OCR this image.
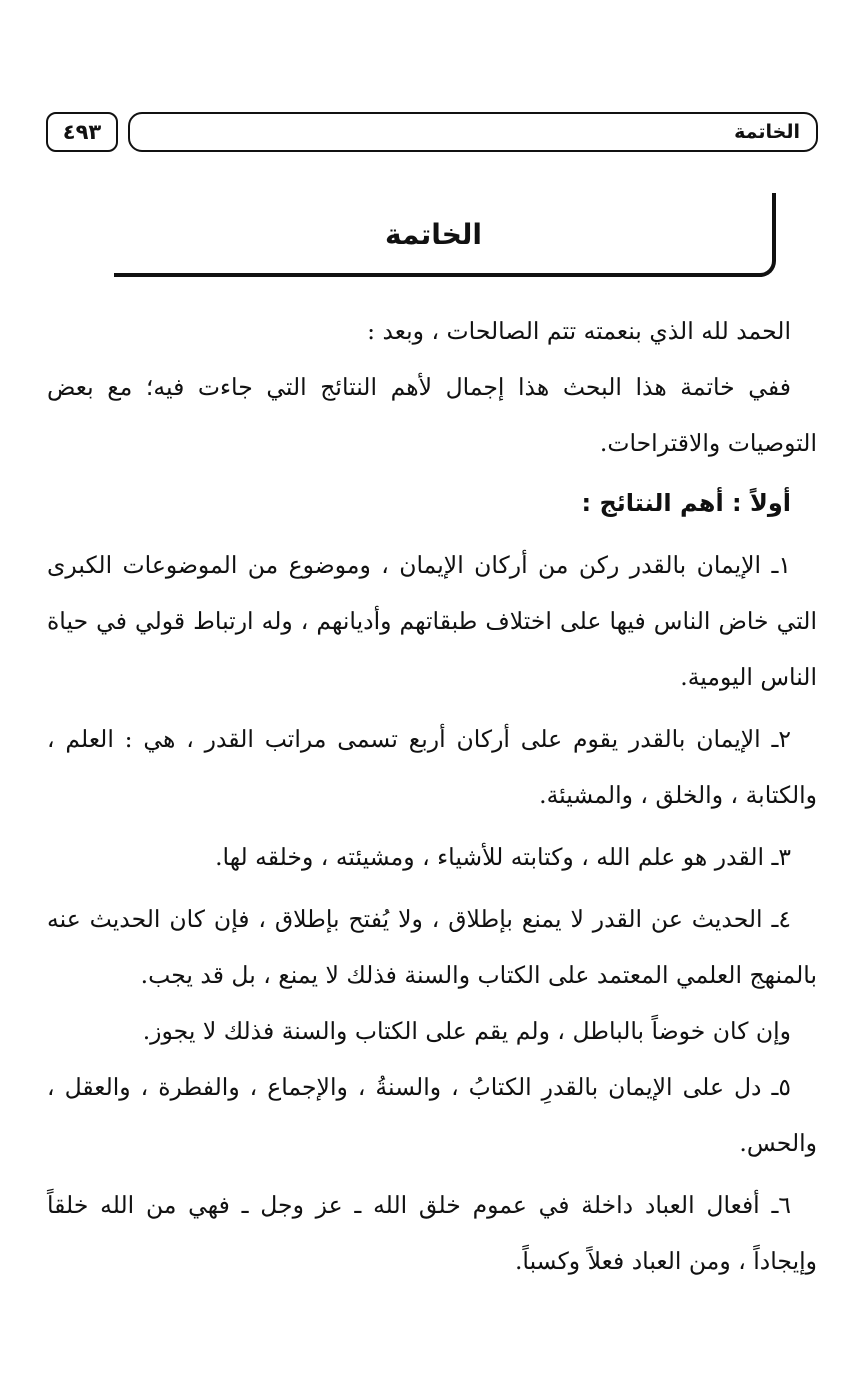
الخاتمة
٤٩٣
الخاتمة

الحمد لله الذي بنعمته تتم الصالحات ، وبعد :

ففي خاتمة هذا البحث هذا إجمال لأهم النتائج التي جاءت فيه؛ مع بعض التوصيات والاقتراحات.

أولاً : أهم النتائج :

١ـ الإيمان بالقدر ركن من أركان الإيمان ، وموضوع من الموضوعات الكبرى التي خاض الناس فيها على اختلاف طبقاتهم وأديانهم ، وله ارتباط قولي في حياة الناس اليومية.

٢ـ الإيمان بالقدر يقوم على أركان أربع تسمى مراتب القدر ، هي : العلم ، والكتابة ، والخلق ، والمشيئة.

٣ـ القدر هو علم الله ، وكتابته للأشياء ، ومشيئته ، وخلقه لها.

٤ـ الحديث عن القدر لا يمنع بإطلاق ، ولا يُفتح بإطلاق ، فإن كان الحديث عنه بالمنهج العلمي المعتمد على الكتاب والسنة فذلك لا يمنع ، بل قد يجب.

وإن كان خوضاً بالباطل ، ولم يقم على الكتاب والسنة فذلك لا يجوز.

٥ـ دل على الإيمان بالقدرِ الكتابُ ، والسنةُ ، والإجماع ، والفطرة ، والعقل ، والحس.

٦ـ أفعال العباد داخلة في عموم خلق الله ـ عز وجل ـ فهي من الله خلقاً وإيجاداً ، ومن العباد فعلاً وكسباً.
